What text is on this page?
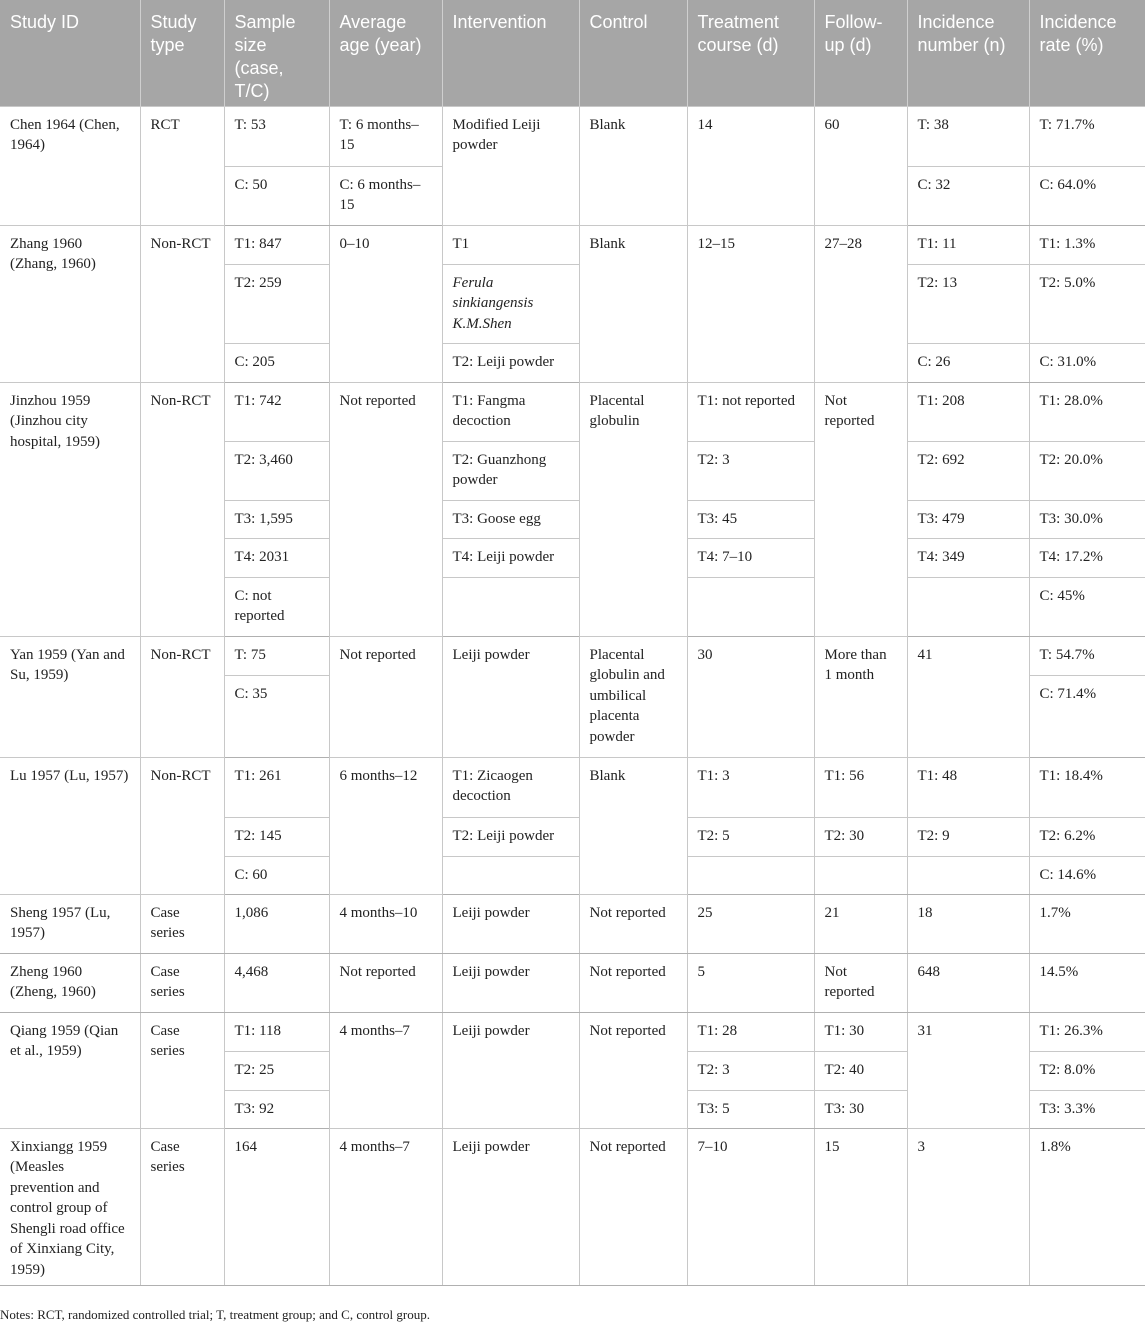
Study ID	Study type	Sample size (case, T/C)	Average age (year)	Intervention	Control	Treatment course (d)	Follow-up (d)	Incidence number (n)	Incidence rate (%)
Chen 1964 (Chen, 1964)	RCT	T: 53	T: 6 months–15	Modified Leiji powder	Blank	14	60	T: 38	T: 71.7%
		C: 50	C: 6 months–15					C: 32	C: 64.0%
Zhang 1960 (Zhang, 1960)	Non-RCT	T1: 847	0–10	T1	Blank	12–15	27–28	T1: 11	T1: 1.3%
		T2: 259		Ferula sinkiangensis K.M.Shen				T2: 13	T2: 5.0%
		C: 205		T2: Leiji powder				C: 26	C: 31.0%
Jinzhou 1959 (Jinzhou city hospital, 1959)	Non-RCT	T1: 742	Not reported	T1: Fangma decoction	Placental globulin	T1: not reported	Not reported	T1: 208	T1: 28.0%
		T2: 3,460		T2: Guanzhong powder		T2: 3		T2: 692	T2: 20.0%
		T3: 1,595		T3: Goose egg		T3: 45		T3: 479	T3: 30.0%
		T4: 2031		T4: Leiji powder		T4: 7–10		T4: 349	T4: 17.2%
		C: not reported							C: 45%
Yan 1959 (Yan and Su, 1959)	Non-RCT	T: 75	Not reported	Leiji powder	Placental globulin and umbilical placenta powder	30	More than 1 month	41	T: 54.7%
		C: 35							C: 71.4%
Lu 1957 (Lu, 1957)	Non-RCT	T1: 261	6 months–12	T1: Zicaogen decoction	Blank	T1: 3	T1: 56	T1: 48	T1: 18.4%
		T2: 145		T2: Leiji powder		T2: 5	T2: 30	T2: 9	T2: 6.2%
		C: 60							C: 14.6%
Sheng 1957 (Lu, 1957)	Case series	1,086	4 months–10	Leiji powder	Not reported	25	21	18	1.7%
Zheng 1960 (Zheng, 1960)	Case series	4,468	Not reported	Leiji powder	Not reported	5	Not reported	648	14.5%
Qiang 1959 (Qian et al., 1959)	Case series	T1: 118	4 months–7	Leiji powder	Not reported	T1: 28	T1: 30	31	T1: 26.3%
		T2: 25				T2: 3	T2: 40		T2: 8.0%
		T3: 92				T3: 5	T3: 30		T3: 3.3%
Xinxiangg 1959 (Measles prevention and control group of Shengli road office of Xinxiang City, 1959)	Case series	164	4 months–7	Leiji powder	Not reported	7–10	15	3	1.8%
Notes: RCT, randomized controlled trial; T, treatment group; and C, control group.
